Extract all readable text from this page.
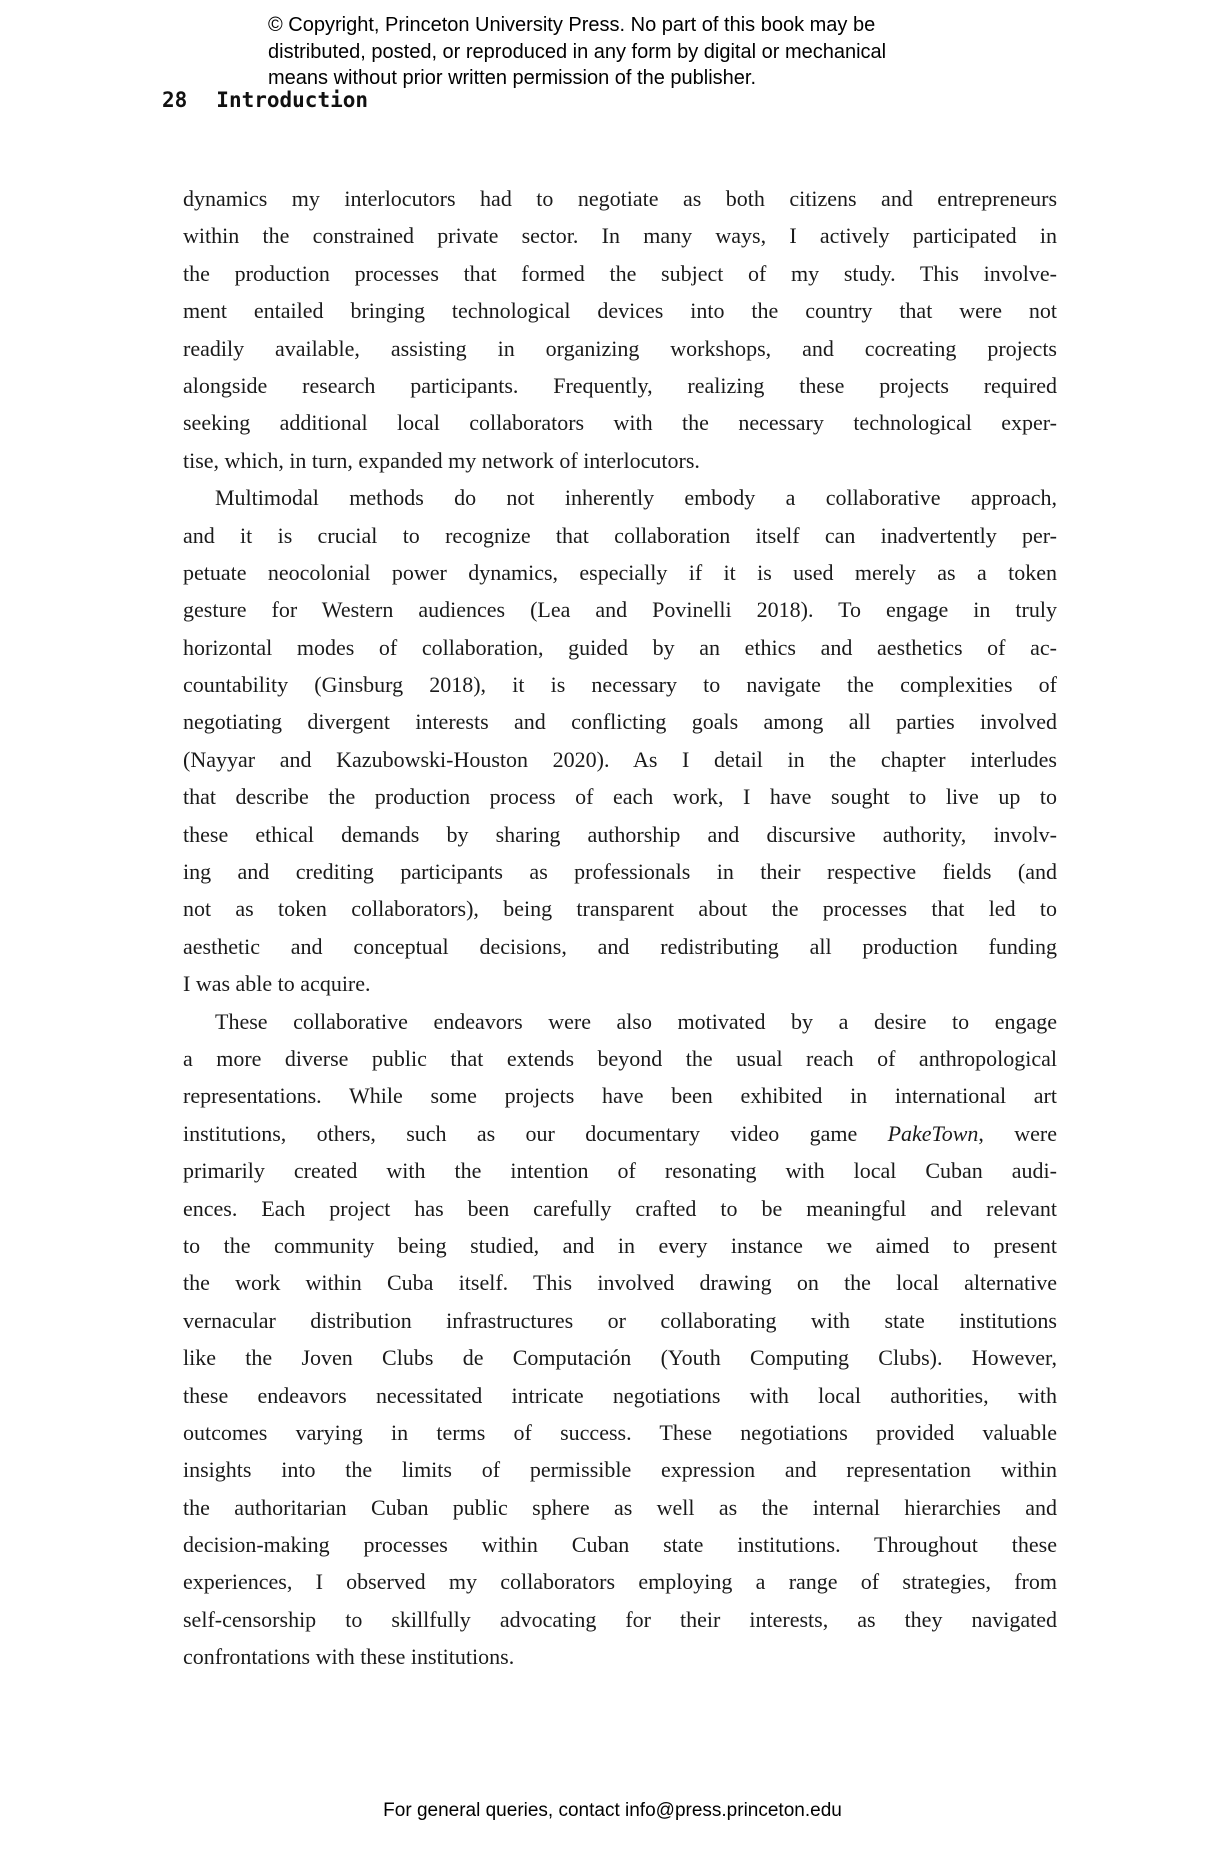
© Copyright, Princeton University Press. No part of this book may be
distributed, posted, or reproduced in any form by digital or mechanical
means without prior written permission of the publisher.
28 Introduction
dynamics my interlocutors had to negotiate as both citizens and entrepreneurs
within the constrained private sector. In many ways, I actively participated in
the production processes that formed the subject of my study. This involve-
ment entailed bringing technological devices into the country that were not
readily available, assisting in organizing workshops, and cocreating projects
alongside research participants. Frequently, realizing these projects required
seeking additional local collaborators with the necessary technological exper-
tise, which, in turn, expanded my network of interlocutors.
Multimodal methods do not inherently embody a collaborative approach,
and it is crucial to recognize that collaboration itself can inadvertently per-
petuate neocolonial power dynamics, especially if it is used merely as a token
gesture for Western audiences (Lea and Povinelli 2018). To engage in truly
horizontal modes of collaboration, guided by an ethics and aesthetics of ac-
countability (Ginsburg 2018), it is necessary to navigate the complexities of
negotiating divergent interests and conflicting goals among all parties involved
(Nayyar and Kazubowski-Houston 2020). As I detail in the chapter interludes
that describe the production process of each work, I have sought to live up to
these ethical demands by sharing authorship and discursive authority, involv-
ing and crediting participants as professionals in their respective fields (and
not as token collaborators), being transparent about the processes that led to
aesthetic and conceptual decisions, and redistributing all production funding
I was able to acquire.
These collaborative endeavors were also motivated by a desire to engage
a more diverse public that extends beyond the usual reach of anthropological
representations. While some projects have been exhibited in international art
institutions, others, such as our documentary video game PakeTown, were
primarily created with the intention of resonating with local Cuban audi-
ences. Each project has been carefully crafted to be meaningful and relevant
to the community being studied, and in every instance we aimed to present
the work within Cuba itself. This involved drawing on the local alternative
vernacular distribution infrastructures or collaborating with state institutions
like the Joven Clubs de Computación (Youth Computing Clubs). However,
these endeavors necessitated intricate negotiations with local authorities, with
outcomes varying in terms of success. These negotiations provided valuable
insights into the limits of permissible expression and representation within
the authoritarian Cuban public sphere as well as the internal hierarchies and
decision-making processes within Cuban state institutions. Throughout these
experiences, I observed my collaborators employing a range of strategies, from
self-censorship to skillfully advocating for their interests, as they navigated
confrontations with these institutions.
For general queries, contact info@press.princeton.edu
